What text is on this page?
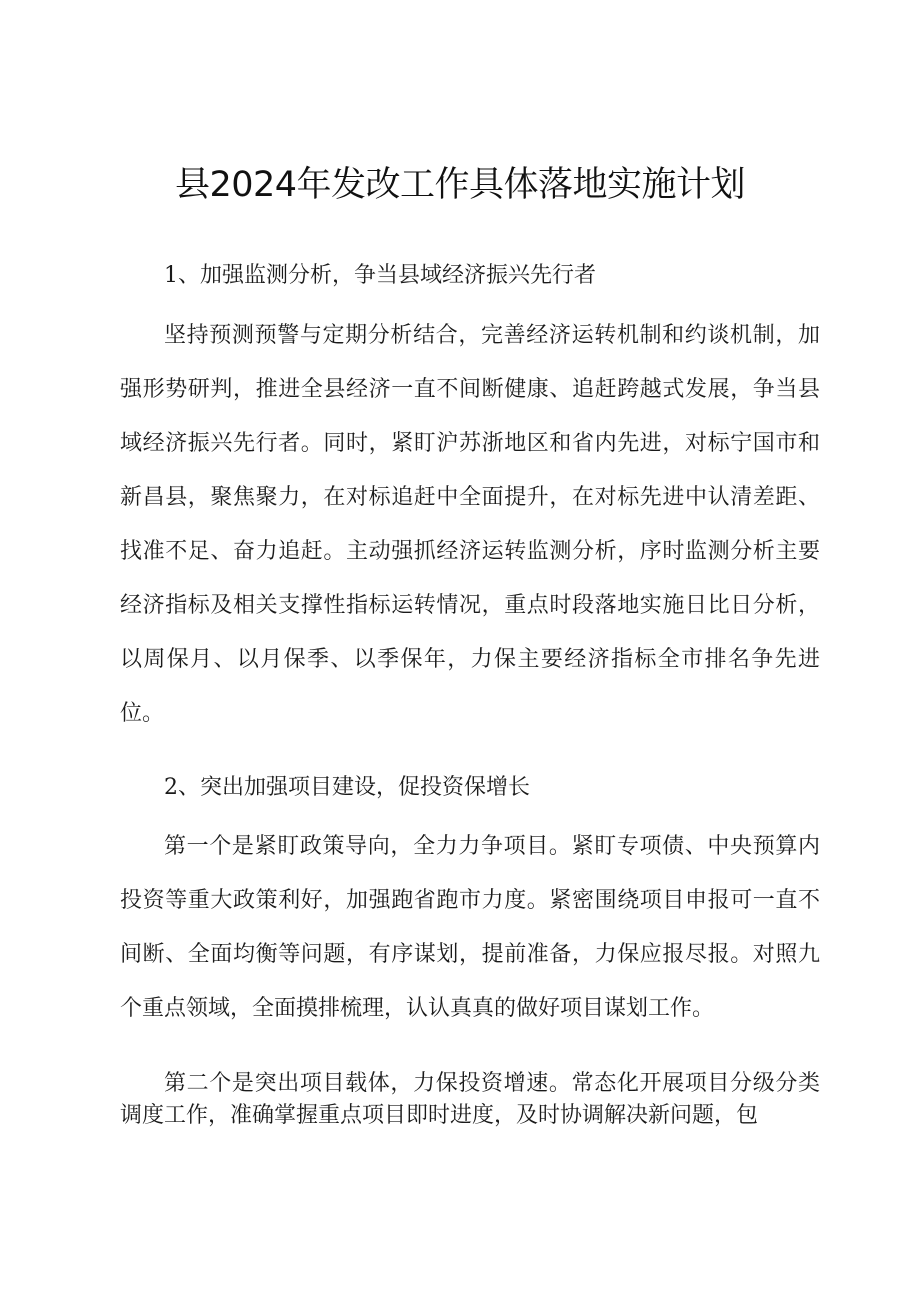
县2024年发改工作具体落地实施计划

1、加强监测分析，争当县域经济振兴先行者

坚持预测预警与定期分析结合，完善经济运转机制和约谈机制，加强形势研判，推进全县经济一直不间断健康、追赶跨越式发展，争当县域经济振兴先行者。同时，紧盯沪苏浙地区和省内先进，对标宁国市和新昌县，聚焦聚力，在对标追赶中全面提升，在对标先进中认清差距、找准不足、奋力追赶。主动强抓经济运转监测分析，序时监测分析主要经济指标及相关支撑性指标运转情况，重点时段落地实施日比日分析，以周保月、以月保季、以季保年，力保主要经济指标全市排名争先进位。

2、突出加强项目建设，促投资保增长

第一个是紧盯政策导向，全力力争项目。紧盯专项债、中央预算内投资等重大政策利好，加强跑省跑市力度。紧密围绕项目申报可一直不间断、全面均衡等问题，有序谋划，提前准备，力保应报尽报。对照九个重点领域，全面摸排梳理，认认真真的做好项目谋划工作。

第二个是突出项目载体，力保投资增速。常态化开展项目分级分类调度工作，准确掌握重点项目即时进度，及时协调解决新问题，包
